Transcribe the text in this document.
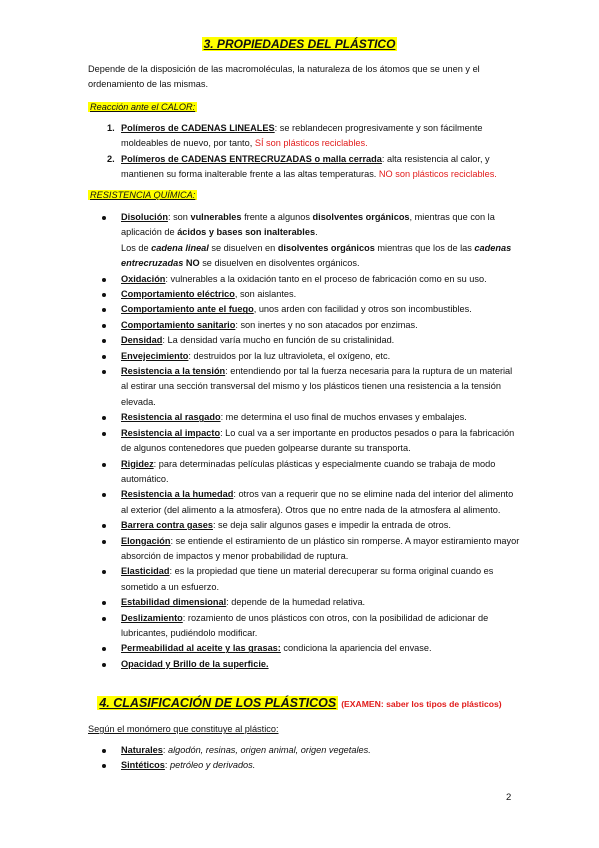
3. PROPIEDADES DEL PLÁSTICO

Depende de la disposición de las macromoléculas, la naturaleza de los átomos que se unen y el ordenamiento de las mismas.

Reacción ante el CALOR:
1. Polímeros de CADENAS LINEALES: se reblandecen progresivamente y son fácilmente moldeables de nuevo, por tanto, SÍ son plásticos reciclables.
2. Polímeros de CADENAS ENTRECRUZADAS o malla cerrada: alta resistencia al calor, y mantienen su forma inalterable frente a las altas temperaturas. NO son plásticos reciclables.
RESISTENCIA QUÍMICA:
Disolución: son vulnerables frente a algunos disolventes orgánicos, mientras que con la aplicación de ácidos y bases son inalterables.
Los de cadena lineal se disuelven en disolventes orgánicos mientras que los de las cadenas entrecruzadas NO se disuelven en disolventes orgánicos.
Oxidación: vulnerables a la oxidación tanto en el proceso de fabricación como en su uso.
Comportamiento eléctrico, son aislantes.
Comportamiento ante el fuego, unos arden con facilidad y otros son incombustibles.
Comportamiento sanitario: son inertes y no son atacados por enzimas.
Densidad: La densidad varía mucho en función de su cristalinidad.
Envejecimiento: destruidos por la luz ultravioleta, el oxígeno, etc.
Resistencia a la tensión: entendiendo por tal la fuerza necesaria para la ruptura de un material al estirar una sección transversal del mismo y los plásticos tienen una resistencia a la tensión elevada.
Resistencia al rasgado: me determina el uso final de muchos envases y embalajes.
Resistencia al impacto: Lo cual va a ser importante en productos pesados o para la fabricación de algunos contenedores que pueden golpearse durante su transporta.
Rigidez: para determinadas películas plásticas y especialmente cuando se trabaja de modo automático.
Resistencia a la humedad: otros van a requerir que no se elimine nada del interior del alimento al exterior (del alimento a la atmosfera). Otros que no entre nada de la atmosfera al alimento.
Barrera contra gases: se deja salir algunos gases e impedir la entrada de otros.
Elongación: se entiende el estiramiento de un plástico sin romperse. A mayor estiramiento mayor absorción de impactos y menor probabilidad de ruptura.
Elasticidad: es la propiedad que tiene un material derecuperar su forma original cuando es sometido a un esfuerzo.
Estabilidad dimensional: depende de la humedad relativa.
Deslizamiento: rozamiento de unos plásticos con otros, con la posibilidad de adicionar de lubricantes, pudiéndolo modificar.
Permeabilidad al aceite y las grasas: condiciona la apariencia del envase.
Opacidad y Brillo de la superficie.
4. CLASIFICACIÓN DE LOS PLÁSTICOS (EXAMEN: saber los tipos de plásticos)
Según el monómero que constituye al plástico:
Naturales: algodón, resinas, origen animal, origen vegetales.
Sintéticos: petróleo y derivados.
2
